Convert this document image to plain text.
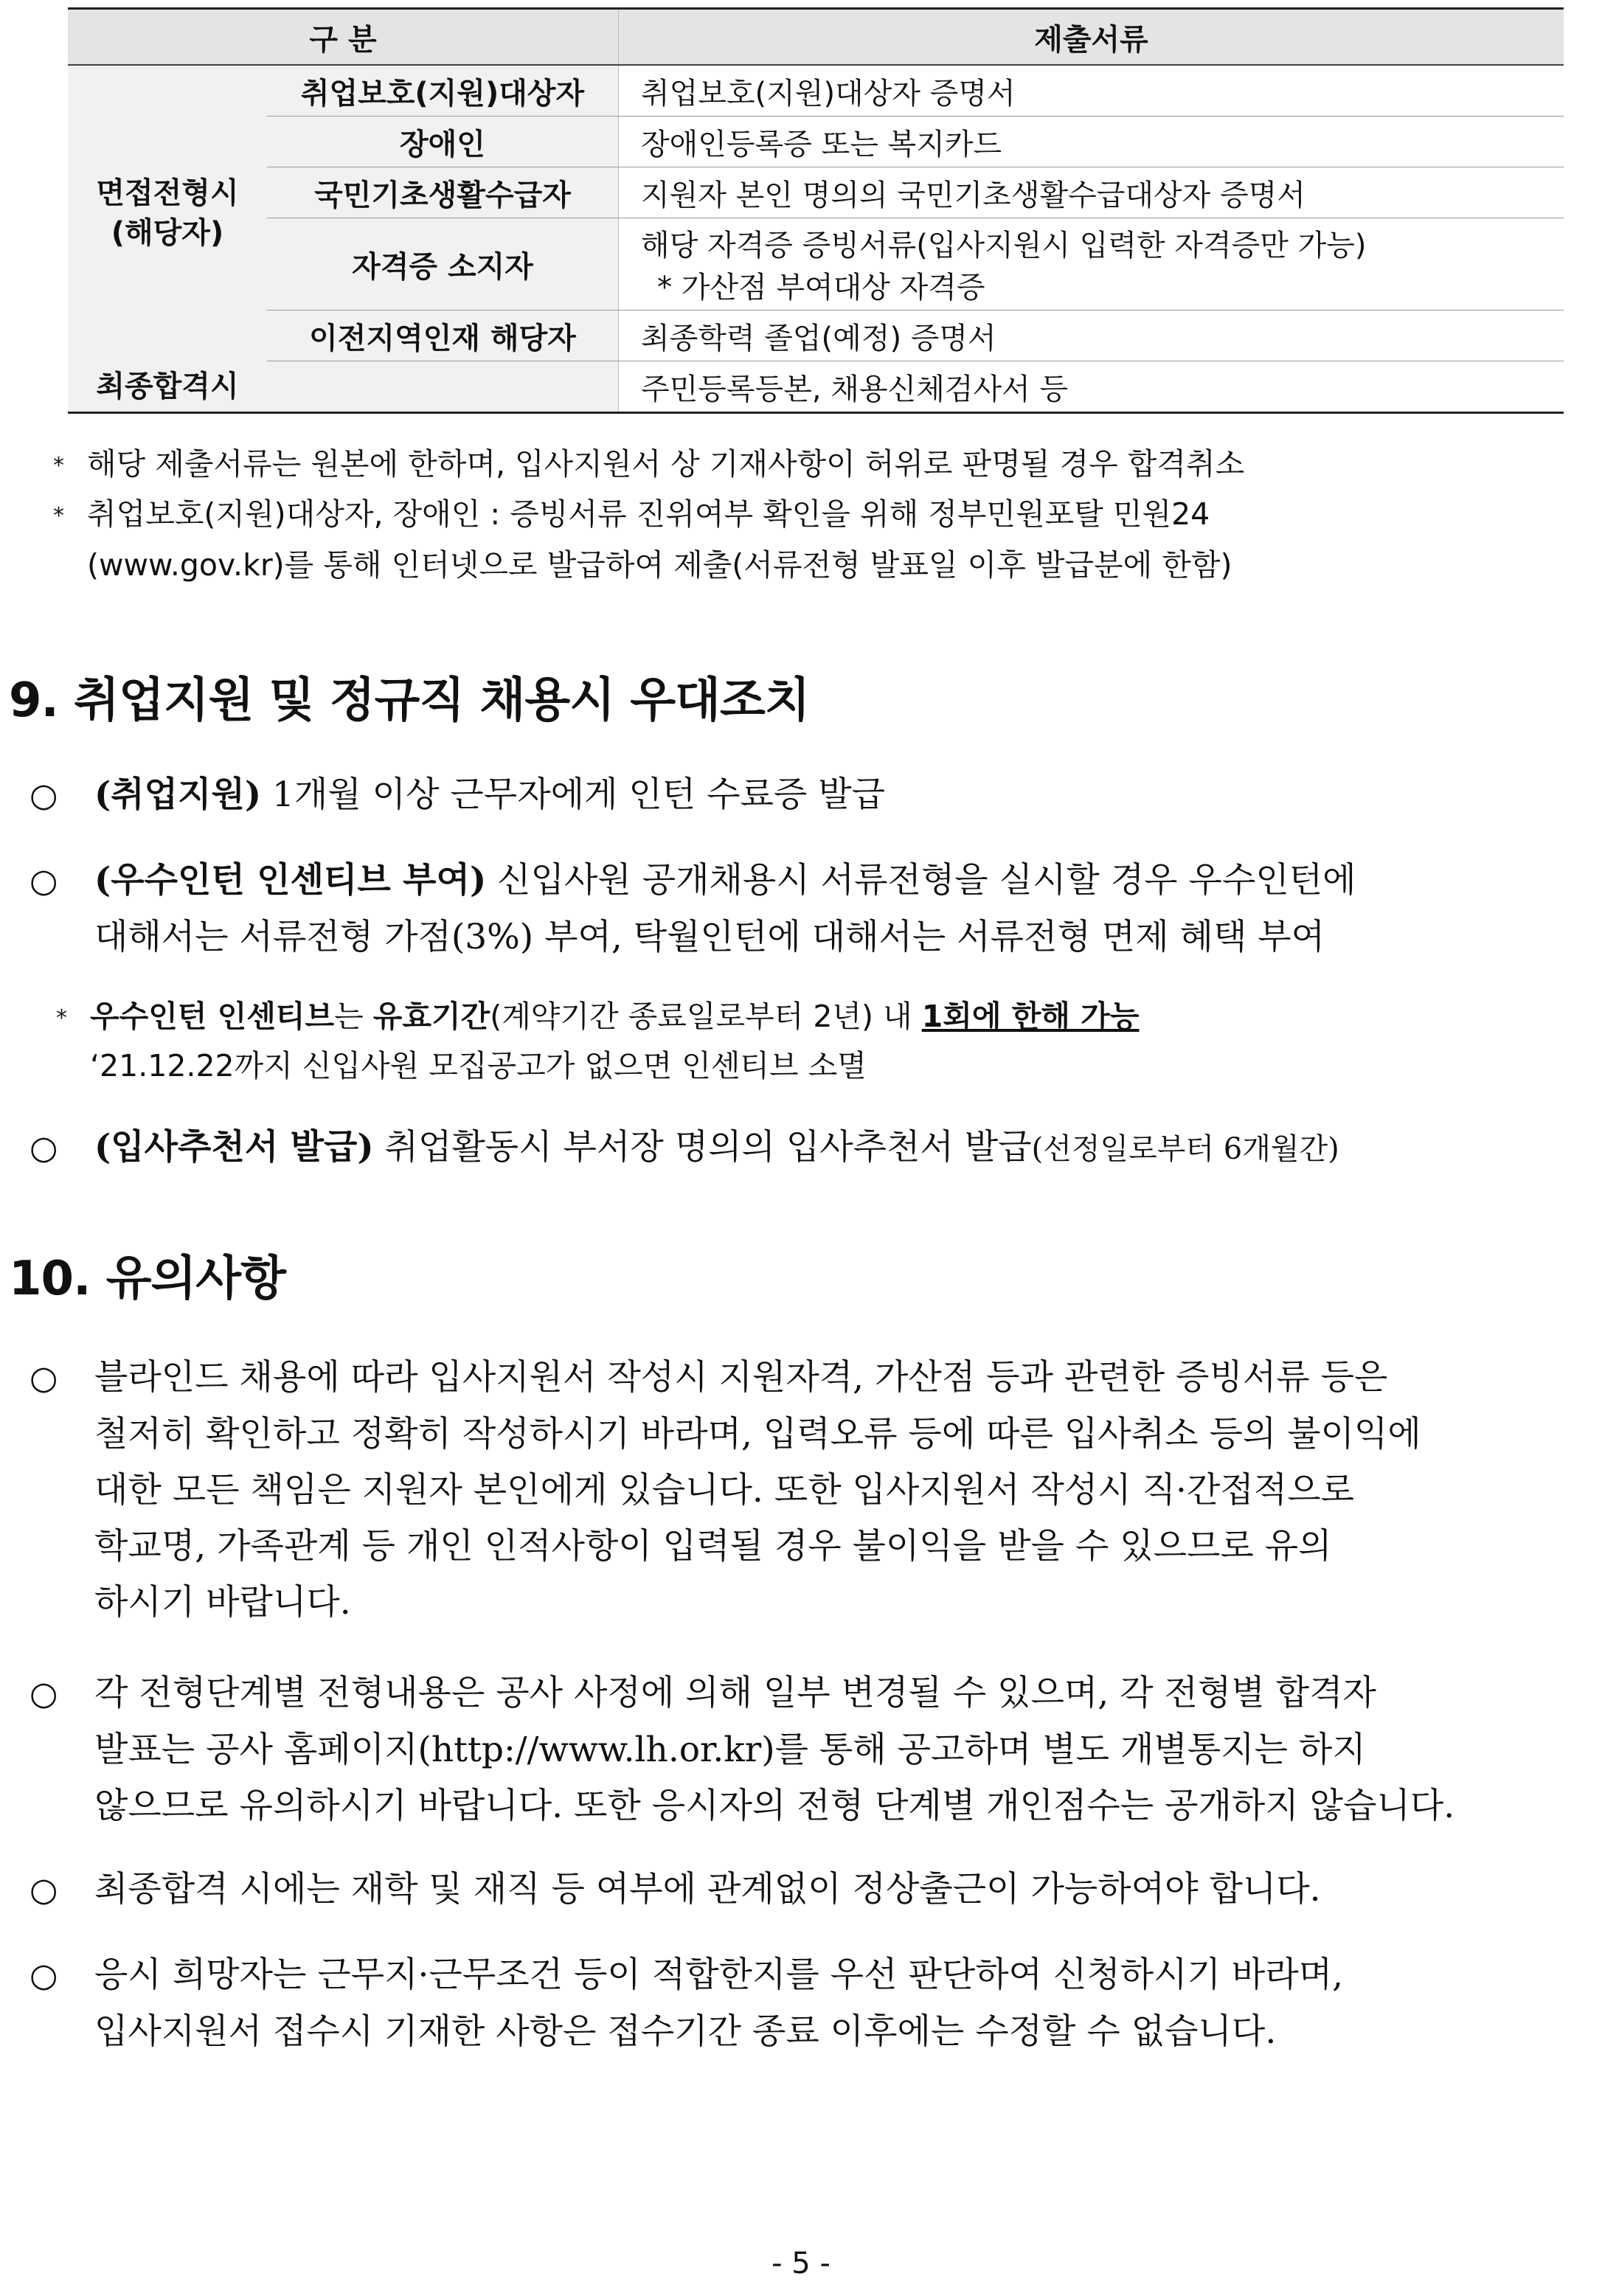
구 분		제출서류
면접전형시
(해당자)	취업보호(지원)대상자	취업보호(지원)대상자 증명서
	장애인	장애인등록증 또는 복지카드
	국민기초생활수급자	지원자 본인 명의의 국민기초생활수급대상자 증명서
	자격증 소지자	해당 자격증 증빙서류(입사지원시 입력한 자격증만 가능)
* 가산점 부여대상 자격증
	이전지역인재 해당자	최종학력 졸업(예정) 증명서
최종합격시		주민등록등본, 채용신체검사서 등
* 해당 제출서류는 원본에 한하며, 입사지원서 상 기재사항이 허위로 판명될 경우 합격취소
* 취업보호(지원)대상자, 장애인 : 증빙서류 진위여부 확인을 위해 정부민원포탈 민원24
(www.gov.kr)를 통해 인터넷으로 발급하여 제출(서류전형 발표일 이후 발급분에 한함)
9. 취업지원 및 정규직 채용시 우대조치
○ (취업지원) 1개월 이상 근무자에게 인턴 수료증 발급
○ (우수인턴 인센티브 부여) 신입사원 공개채용시 서류전형을 실시할 경우 우수인턴에
대해서는 서류전형 가점(3%) 부여, 탁월인턴에 대해서는 서류전형 면제 혜택 부여
* 우수인턴 인센티브는 유효기간(계약기간 종료일로부터 2년) 내 1회에 한해 가능
‘21.12.22까지 신입사원 모집공고가 없으면 인센티브 소멸
○ (입사추천서 발급) 취업활동시 부서장 명의의 입사추천서 발급(선정일로부터 6개월간)
10. 유의사항
○ 블라인드 채용에 따라 입사지원서 작성시 지원자격, 가산점 등과 관련한 증빙서류 등은
철저히 확인하고 정확히 작성하시기 바라며, 입력오류 등에 따른 입사취소 등의 불이익에
대한 모든 책임은 지원자 본인에게 있습니다. 또한 입사지원서 작성시 직·간접적으로
학교명, 가족관계 등 개인 인적사항이 입력될 경우 불이익을 받을 수 있으므로 유의
하시기 바랍니다.
○ 각 전형단계별 전형내용은 공사 사정에 의해 일부 변경될 수 있으며, 각 전형별 합격자
발표는 공사 홈페이지(http://www.lh.or.kr)를 통해 공고하며 별도 개별통지는 하지
않으므로 유의하시기 바랍니다. 또한 응시자의 전형 단계별 개인점수는 공개하지 않습니다.
○ 최종합격 시에는 재학 및 재직 등 여부에 관계없이 정상출근이 가능하여야 합니다.
○ 응시 희망자는 근무지·근무조건 등이 적합한지를 우선 판단하여 신청하시기 바라며,
입사지원서 접수시 기재한 사항은 접수기간 종료 이후에는 수정할 수 없습니다.
- 5 -
